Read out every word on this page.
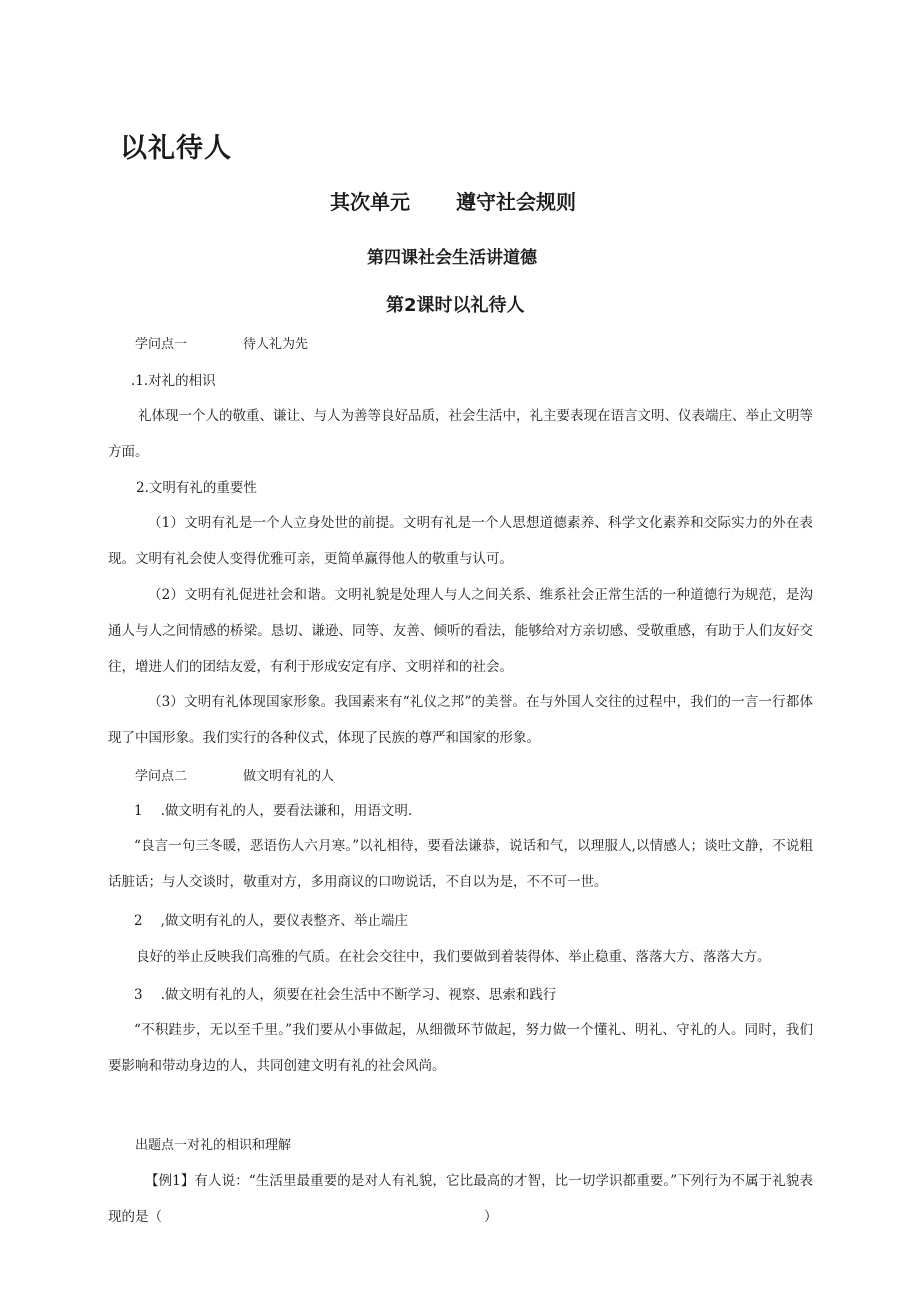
以礼待人
其次单元 遵守社会规则
第四课社会生活讲道德
第2课时以礼待人
学问点一	待人礼为先
.1.对礼的相识
礼体现一个人的敬重、谦让、与人为善等良好品质，社会生活中，礼主要表现在语言文明、仪表端庄、举止文明等方面。
2.文明有礼的重要性
（1）文明有礼是一个人立身处世的前提。文明有礼是一个人思想道德素养、科学文化素养和交际实力的外在表现。文明有礼会使人变得优雅可亲，更简单赢得他人的敬重与认可。
（2）文明有礼促进社会和谐。文明礼貌是处理人与人之间关系、维系社会正常生活的一种道德行为规范，是沟通人与人之间情感的桥梁。恳切、谦逊、同等、友善、倾听的看法，能够给对方亲切感、受敬重感，有助于人们友好交往，增进人们的团结友爱，有利于形成安定有序、文明祥和的社会。
（3）文明有礼体现国家形象。我国素来有“礼仪之邦”的美誉。在与外国人交往的过程中，我们的一言一行都体现了中国形象。我们实行的各种仪式，体现了民族的尊严和国家的形象。
学问点二	做文明有礼的人
1 .做文明有礼的人，要看法谦和，用语文明.
“良言一句三冬暖，恶语伤人六月寒。”以礼相待，要看法谦恭，说话和气，以理服人,以情感人；谈吐文静，不说粗话脏话；与人交谈时，敬重对方，多用商议的口吻说话，不自以为是，不不可一世。
2 ,做文明有礼的人，要仪表整齐、举止端庄
良好的举止反映我们高雅的气质。在社会交往中，我们要做到着装得体、举止稳重、落落大方、落落大方。
3 .做文明有礼的人，须要在社会生活中不断学习、视察、思索和践行
“不积跬步，无以至千里。”我们要从小事做起，从细微环节做起，努力做一个懂礼、明礼、守礼的人。同时，我们要影响和带动身边的人，共同创建文明有礼的社会风尚。
出题点一对礼的相识和理解
【例1】有人说：“生活里最重要的是对人有礼貌，它比最高的才智，比一切学识都重要。”下列行为不属于礼貌表现的是（	）
